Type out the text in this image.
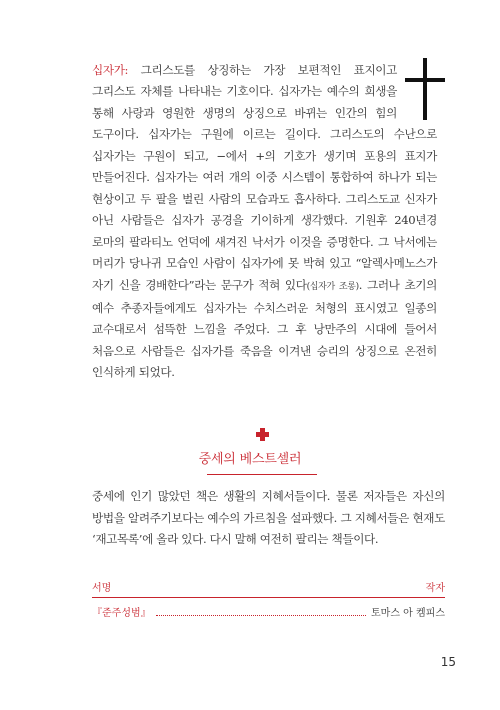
십자가: 그리스도를 상징하는 가장 보편적인 표지이고 그리스도 자체를 나타내는 기호이다. 십자가는 예수의 희생을 통해 사랑과 영원한 생명의 상징으로 바뀌는 인간의 힘의 도구이다. 십자가는 구원에 이르는 길이다. 그리스도의 수난으로 십자가는 구원이 되고, −에서 +의 기호가 생기며 포용의 표지가 만들어진다. 십자가는 여러 개의 이중 시스템이 통합하여 하나가 되는 현상이고 두 팔을 벌린 사람의 모습과도 흡사하다. 그리스도교 신자가 아닌 사람들은 십자가 공경을 기이하게 생각했다. 기원후 240년경 로마의 팔라티노 언덕에 새겨진 낙서가 이것을 증명한다. 그 낙서에는 머리가 당나귀 모습인 사람이 십자가에 못 박혀 있고 “알렉사메노스가 자기 신을 경배한다”라는 문구가 적혀 있다(십자가 조롱). 그러나 초기의 예수 추종자들에게도 십자가는 수치스러운 처형의 표시였고 일종의 교수대로서 섬뜩한 느낌을 주었다. 그 후 낭만주의 시대에 들어서 처음으로 사람들은 십자가를 죽음을 이겨낸 승리의 상징으로 온전히 인식하게 되었다.
중세의 베스트셀러
중세에 인기 많았던 책은 생활의 지혜서들이다. 물론 저자들은 자신의 방법을 알려주기보다는 예수의 가르침을 설파했다. 그 지혜서들은 현재도 ‘재고목록’에 올라 있다. 다시 말해 여전히 팔리는 책들이다.
서명	작자
『준주성범』	토마스 아 켐피스
15
